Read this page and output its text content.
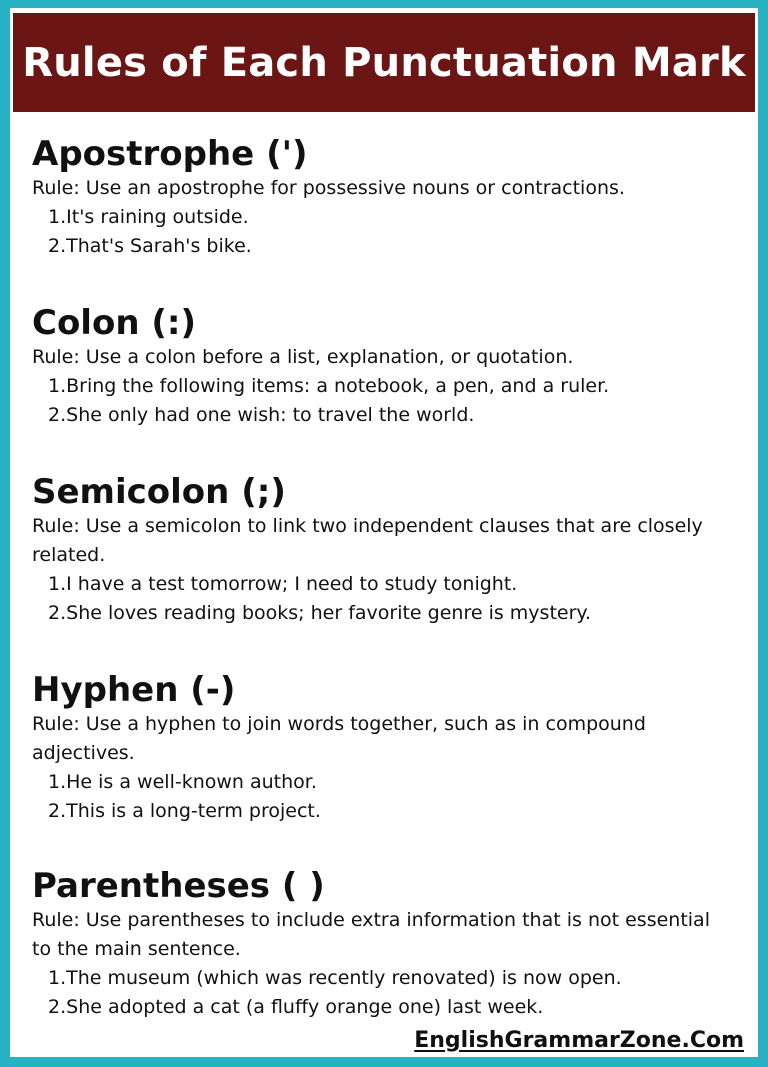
Rules of Each Punctuation Mark
Apostrophe (')

Rule: Use an apostrophe for possessive nouns or contractions.

1.It's raining outside.
2.That's Sarah's bike.
Colon (:)

Rule: Use a colon before a list, explanation, or quotation.

1.Bring the following items: a notebook, a pen, and a ruler.
2.She only had one wish: to travel the world.
Semicolon (;)

Rule: Use a semicolon to link two independent clauses that are closely related.

1.I have a test tomorrow; I need to study tonight.
2.She loves reading books; her favorite genre is mystery.
Hyphen (-)

Rule: Use a hyphen to join words together, such as in compound adjectives.

1.He is a well-known author.
2.This is a long-term project.
Parentheses ( )

Rule: Use parentheses to include extra information that is not essential to the main sentence.

1.The museum (which was recently renovated) is now open.
2.She adopted a cat (a fluffy orange one) last week.
EnglishGrammarZone.Com
